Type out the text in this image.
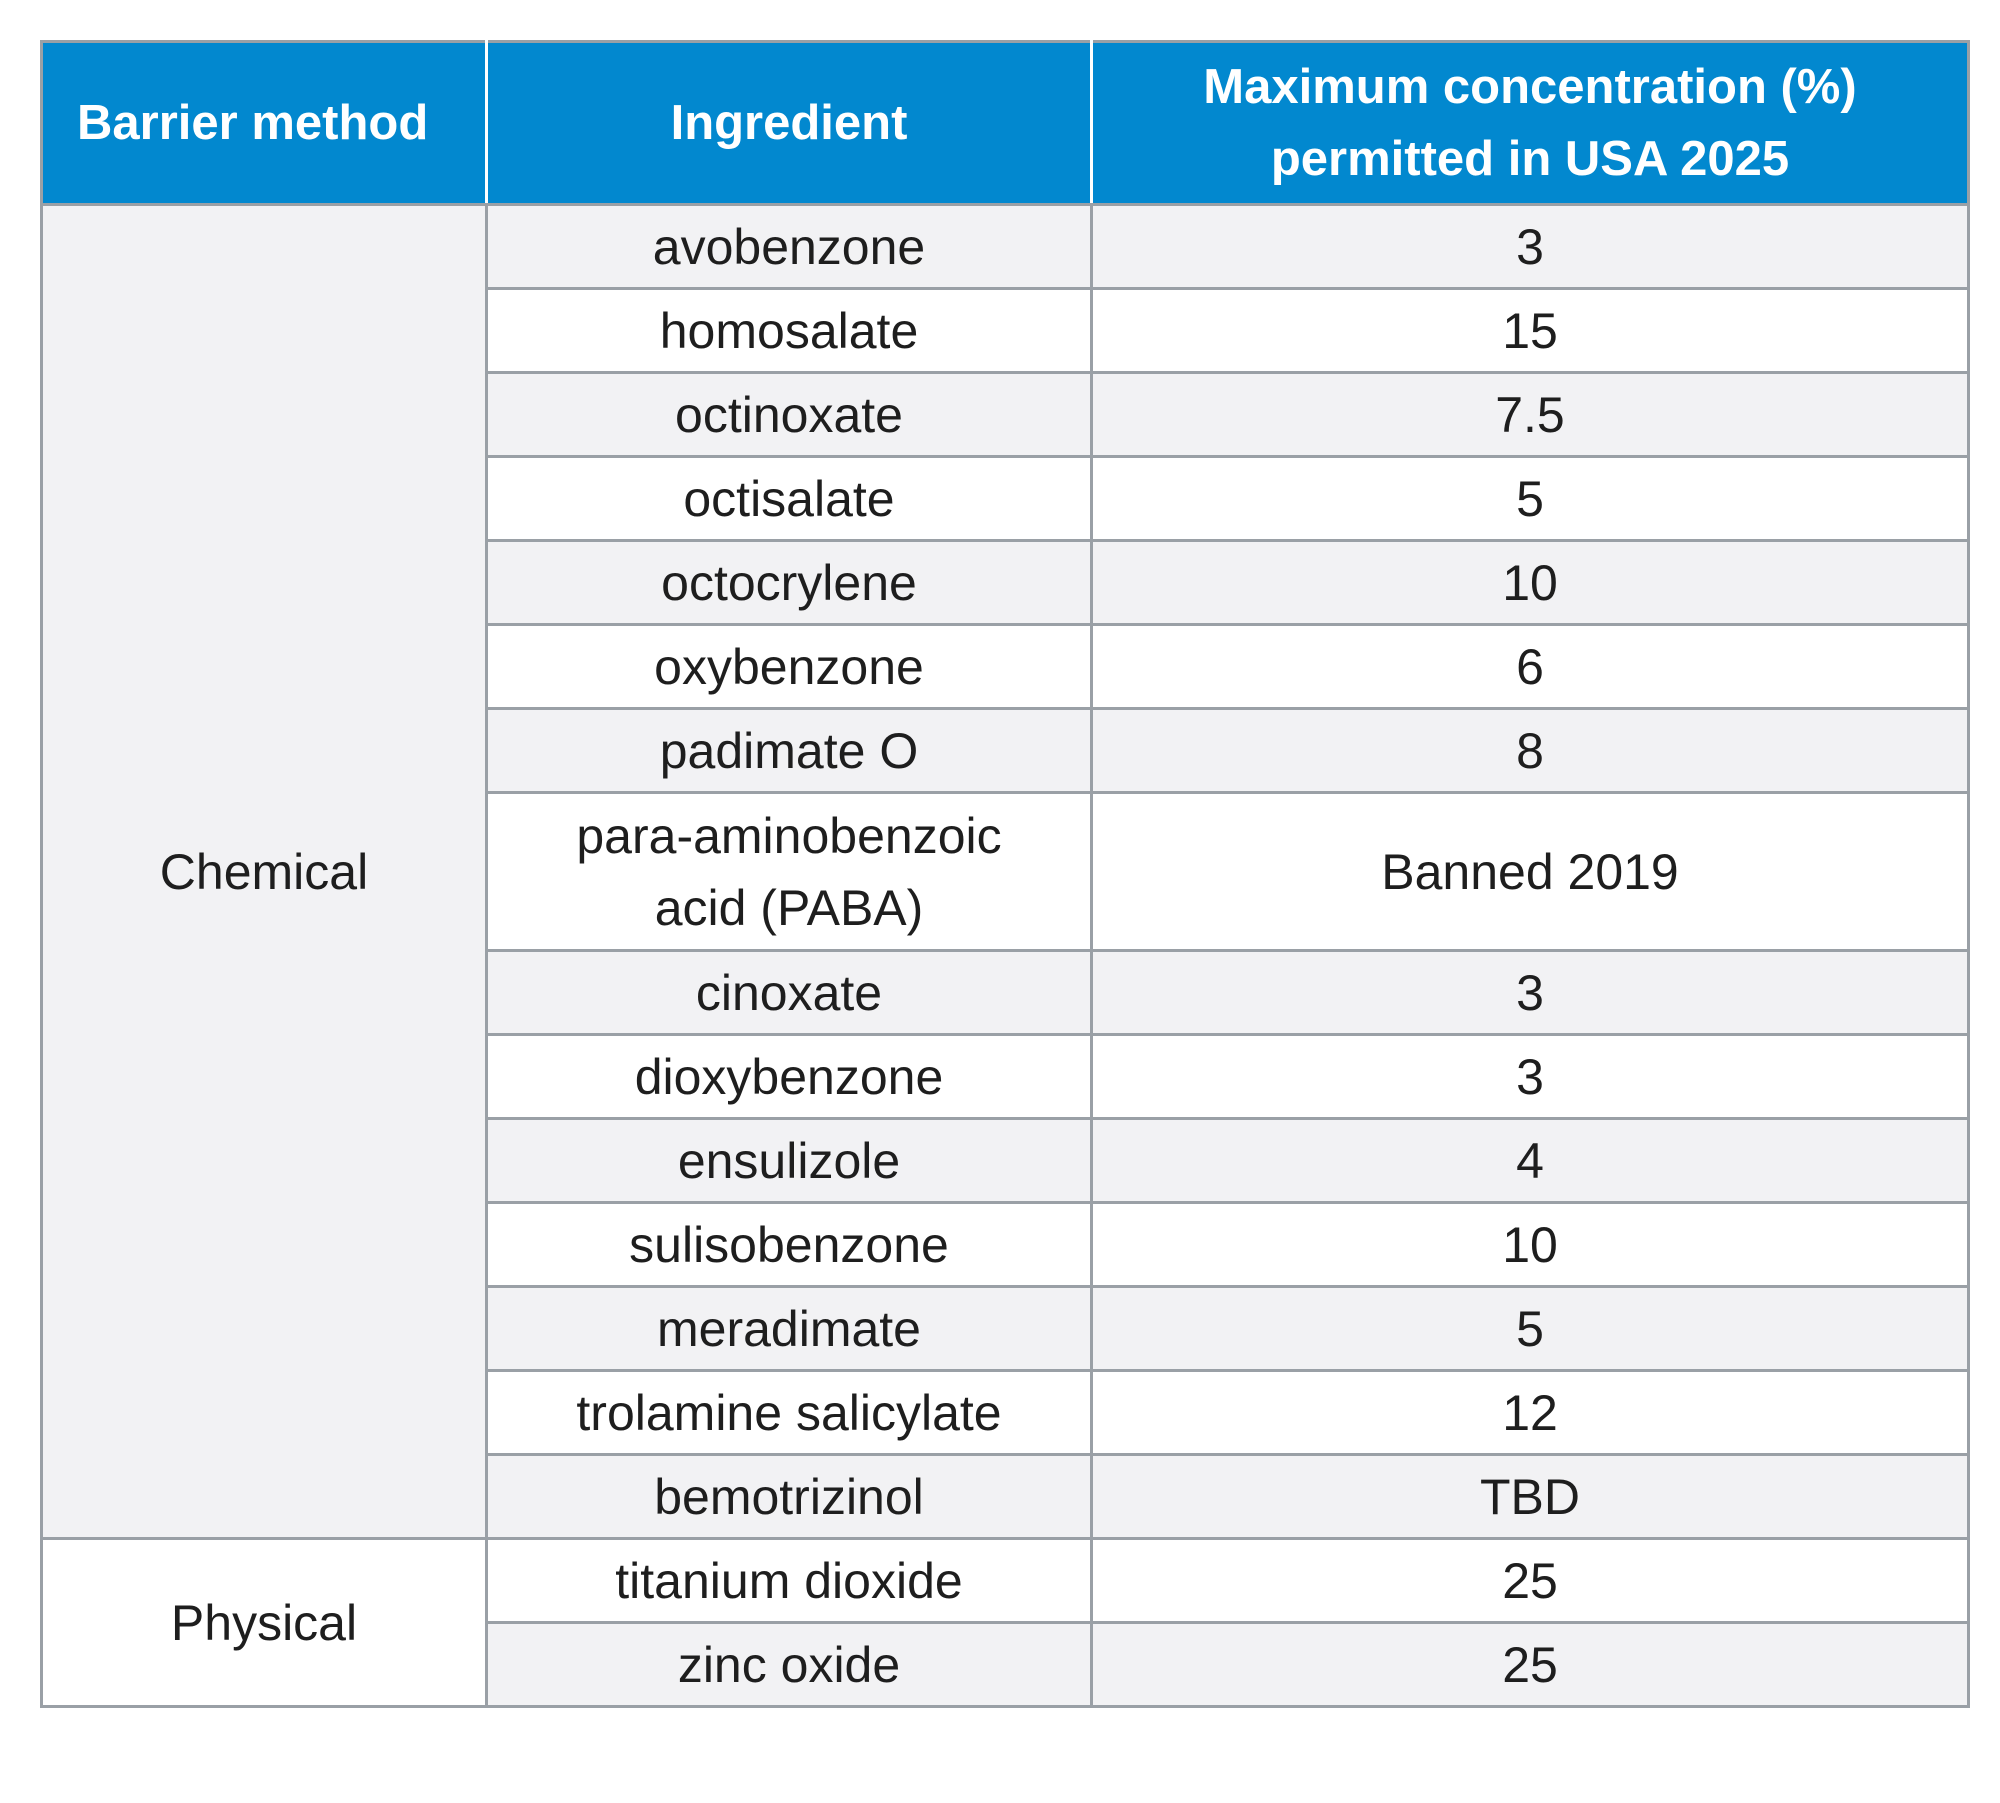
Barrier method	Ingredient	Maximum concentration (%)
permitted in USA 2025
Chemical	avobenzone	3
	homosalate	15
	octinoxate	7.5
	octisalate	5
	octocrylene	10
	oxybenzone	6
	padimate O	8
	para-aminobenzoic
acid (PABA)	Banned 2019
	cinoxate	3
	dioxybenzone	3
	ensulizole	4
	sulisobenzone	10
	meradimate	5
	trolamine salicylate	12
	bemotrizinol	TBD
Physical	titanium dioxide	25
	zinc oxide	25
